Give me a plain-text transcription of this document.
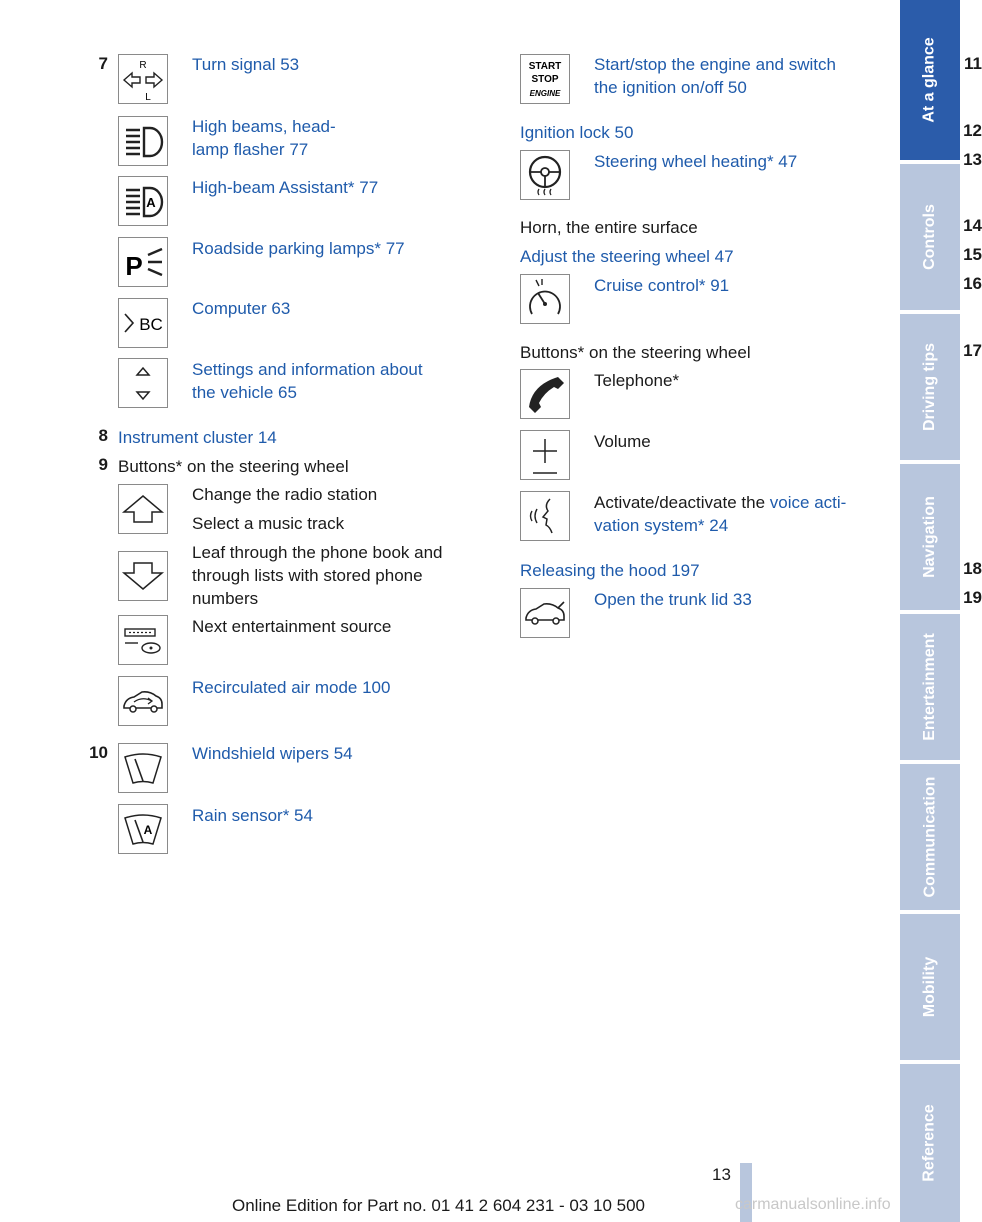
7	R
L
Turn signal 53
High beams, head-
lamp flasher 77
A
High-beam Assistant* 77
P
Roadside parking lamps* 77
BC
Computer 63
Settings and information about
the vehicle 65
8 Instrument cluster 14
9 Buttons* on the steering wheel
Change the radio station
Select a music track
Leaf through the phone book and
through lists with stored phone
numbers
Next entertainment source
Recirculated air mode 100
10	Windshield wipers 54
A
Rain sensor* 54
11
START
STOP
ENGINE
Start/stop the engine and switch
the ignition on/off 50
12
Ignition lock 50
13
Steering wheel heating* 47
14
Horn, the entire surface
15
Adjust the steering wheel 47
16
Cruise control* 91
17
Buttons* on the steering wheel
Telephone*
Volume
Activate/deactivate the voice acti-
vation system* 24
18
Releasing the hood 197
19
Open the trunk lid 33
At a glance
Controls
Driving tips
Navigation
Entertainment
Communication
Mobility
Reference
13
Online Edition for Part no. 01 41 2 604 231 - 03 10 500	carmanualsonline.info
